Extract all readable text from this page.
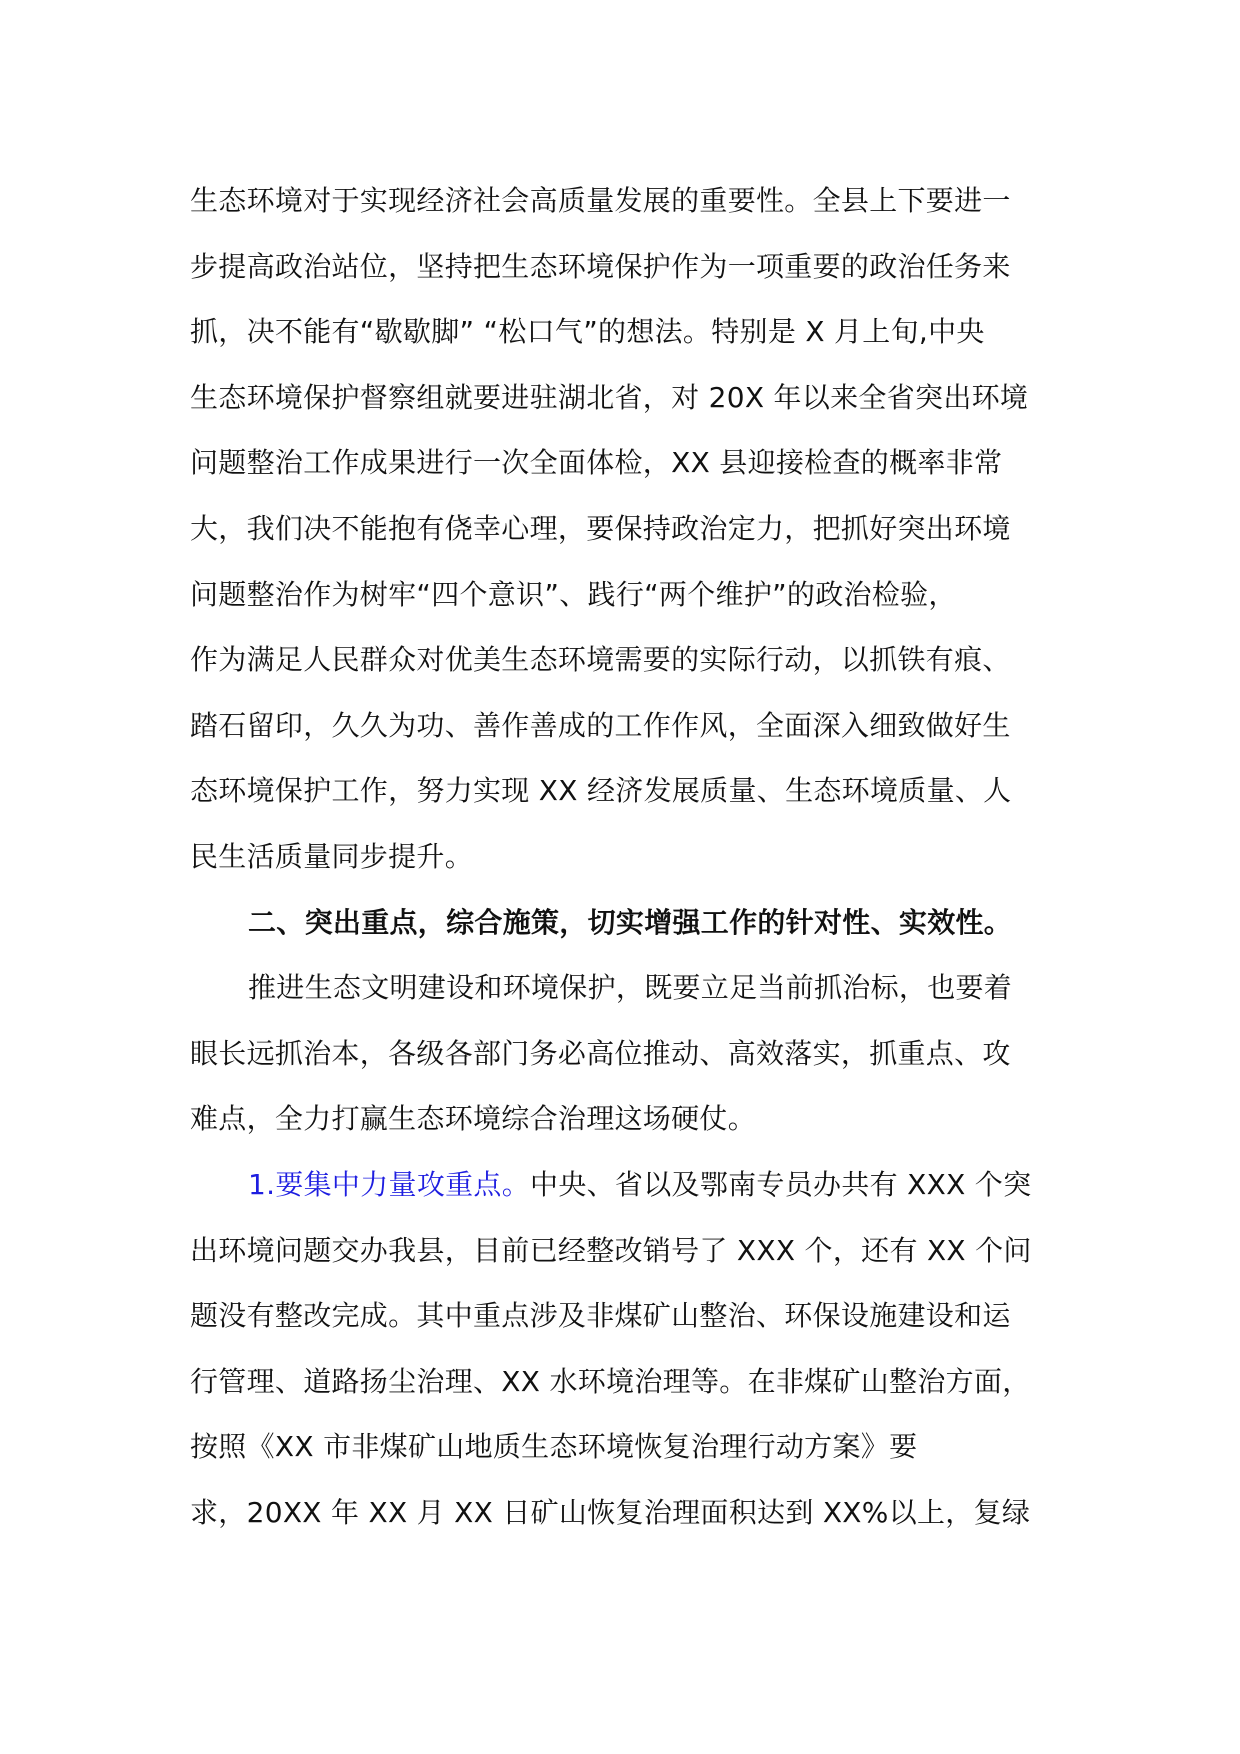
生态环境对于实现经济社会高质量发展的重要性。全县上下要进一
步提高政治站位，坚持把生态环境保护作为一项重要的政治任务来
抓，决不能有“歇歇脚” “松口气”的想法。特别是 X 月上旬,中央
生态环境保护督察组就要进驻湖北省，对 20X 年以来全省突出环境
问题整治工作成果进行一次全面体检，XX 县迎接检查的概率非常
大，我们决不能抱有侥幸心理，要保持政治定力，把抓好突出环境
问题整治作为树牢“四个意识”、践行“两个维护”的政治检验，
作为满足人民群众对优美生态环境需要的实际行动，以抓铁有痕、
踏石留印，久久为功、善作善成的工作作风，全面深入细致做好生
态环境保护工作，努力实现 XX 经济发展质量、生态环境质量、人
民生活质量同步提升。
二、突出重点，综合施策，切实增强工作的针对性、实效性。
推进生态文明建设和环境保护，既要立足当前抓治标，也要着
眼长远抓治本，各级各部门务必高位推动、高效落实，抓重点、攻
难点，全力打赢生态环境综合治理这场硬仗。
1.要集中力量攻重点。中央、省以及鄂南专员办共有 XXX 个突
出环境问题交办我县，目前已经整改销号了 XXX 个，还有 XX 个问
题没有整改完成。其中重点涉及非煤矿山整治、环保设施建设和运
行管理、道路扬尘治理、XX 水环境治理等。在非煤矿山整治方面，
按照《XX 市非煤矿山地质生态环境恢复治理行动方案》要
求，20XX 年 XX 月 XX 日矿山恢复治理面积达到 XX%以上，复绿
